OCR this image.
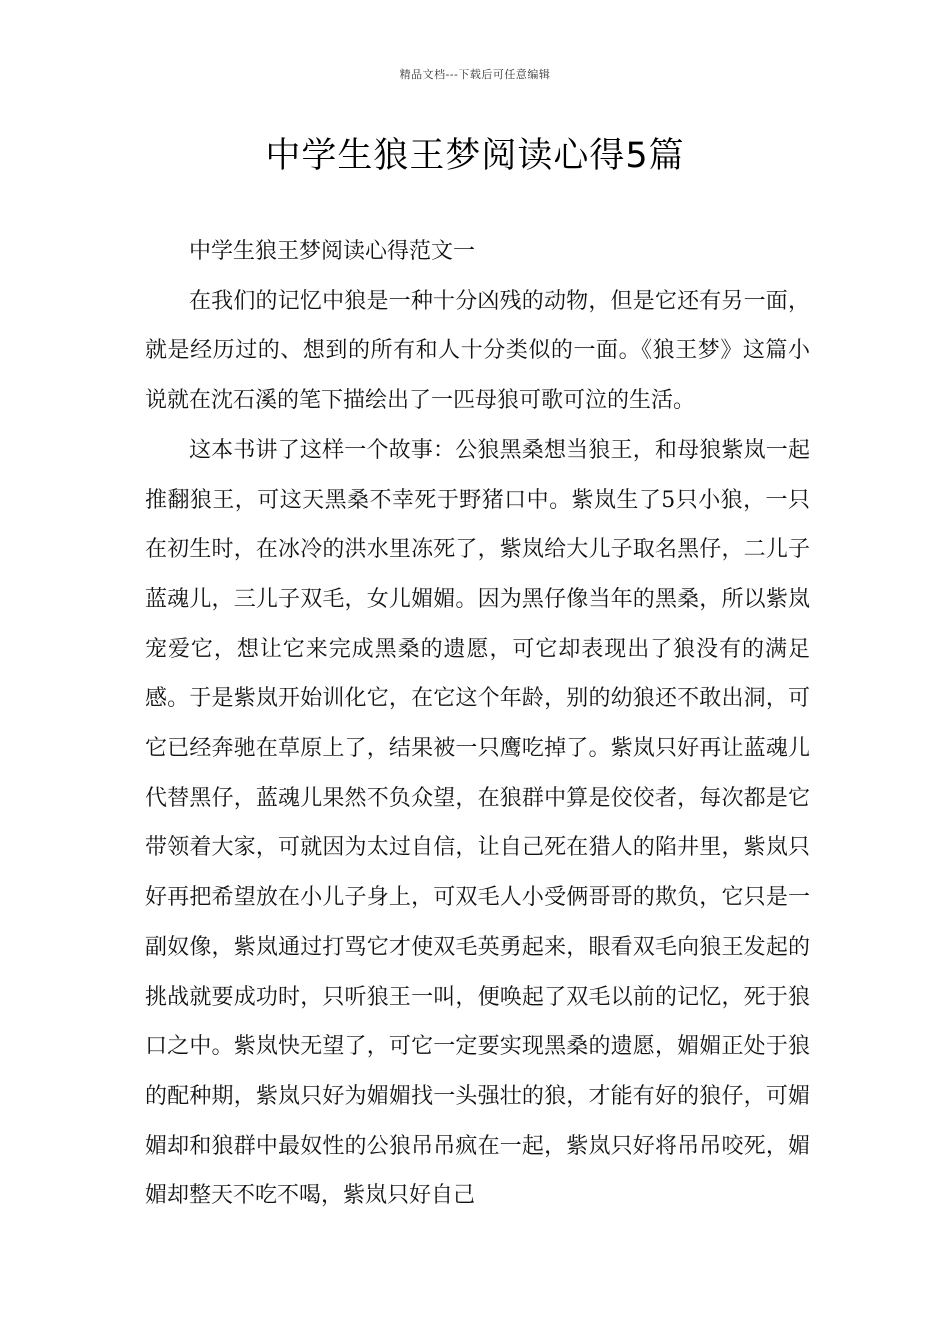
精品文档---下载后可任意编辑
中学生狼王梦阅读心得5篇

中学生狼王梦阅读心得范文一

在我们的记忆中狼是一种十分凶残的动物，但是它还有另一面，就是经历过的、想到的所有和人十分类似的一面。《狼王梦》这篇小说就在沈石溪的笔下描绘出了一匹母狼可歌可泣的生活。

这本书讲了这样一个故事：公狼黑桑想当狼王，和母狼紫岚一起推翻狼王，可这天黑桑不幸死于野猪口中。紫岚生了5只小狼，一只在初生时，在冰冷的洪水里冻死了，紫岚给大儿子取名黑仔，二儿子蓝魂儿，三儿子双毛，女儿媚媚。因为黑仔像当年的黑桑，所以紫岚宠爱它，想让它来完成黑桑的遗愿，可它却表现出了狼没有的满足感。于是紫岚开始训化它，在它这个年龄，别的幼狼还不敢出洞，可它已经奔驰在草原上了，结果被一只鹰吃掉了。紫岚只好再让蓝魂儿代替黑仔，蓝魂儿果然不负众望，在狼群中算是佼佼者，每次都是它带领着大家，可就因为太过自信，让自己死在猎人的陷井里，紫岚只好再把希望放在小儿子身上，可双毛人小受俩哥哥的欺负，它只是一副奴像，紫岚通过打骂它才使双毛英勇起来，眼看双毛向狼王发起的挑战就要成功时，只听狼王一叫，便唤起了双毛以前的记忆，死于狼口之中。紫岚快无望了，可它一定要实现黑桑的遗愿，媚媚正处于狼的配种期，紫岚只好为媚媚找一头强壮的狼，才能有好的狼仔，可媚媚却和狼群中最奴性的公狼吊吊疯在一起，紫岚只好将吊吊咬死，媚媚却整天不吃不喝，紫岚只好自己
